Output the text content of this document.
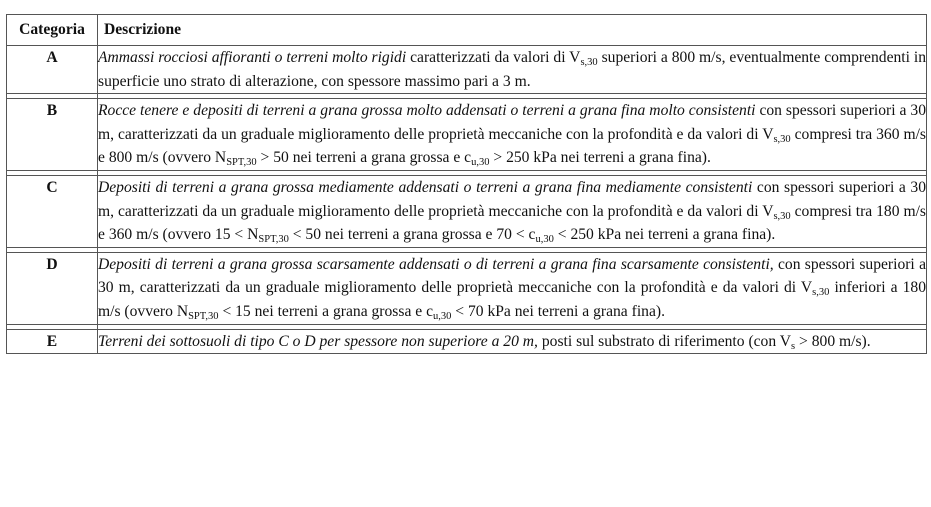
Categoria	Descrizione
A	Ammassi rocciosi affioranti o terreni molto rigidi caratterizzati da valori di $V_{s,30}$ superiori a 800 m/s, eventualmente comprendenti in superficie uno strato di alterazione, con spessore massimo pari a 3 m.

B	Rocce tenere e depositi di terreni a grana grossa molto addensati o terreni a grana fina molto consistenti con spessori superiori a 30 m, caratterizzati da un graduale miglioramento delle proprietà meccaniche con la profondità e da valori di $V_{s,30}$ compresi tra 360 m/s e 800 m/s (ovvero $N_{SPT,30} > 50$ nei terreni a grana grossa e $c_{u,30} > 250$ kPa nei terreni a grana fina).

C	Depositi di terreni a grana grossa mediamente addensati o terreni a grana fina mediamente consistenti con spessori superiori a 30 m, caratterizzati da un graduale miglioramento delle proprietà meccaniche con la profondità e da valori di $V_{s,30}$ compresi tra 180 m/s e 360 m/s (ovvero $15 < N_{SPT,30} < 50$ nei terreni a grana grossa e $70 < c_{u,30} < 250$ kPa nei terreni a grana fina).

D	Depositi di terreni a grana grossa scarsamente addensati o di terreni a grana fina scarsamente consistenti, con spessori superiori a 30 m, caratterizzati da un graduale miglioramento delle proprietà meccaniche con la profondità e da valori di $V_{s,30}$ inferiori a 180 m/s (ovvero $N_{SPT,30} < 15$ nei terreni a grana grossa e $c_{u,30} < 70$ kPa nei terreni a grana fina).

E	Terreni dei sottosuoli di tipo C o D per spessore non superiore a 20 m, posti sul substrato di riferimento (con $V_s > 800$ m/s).
